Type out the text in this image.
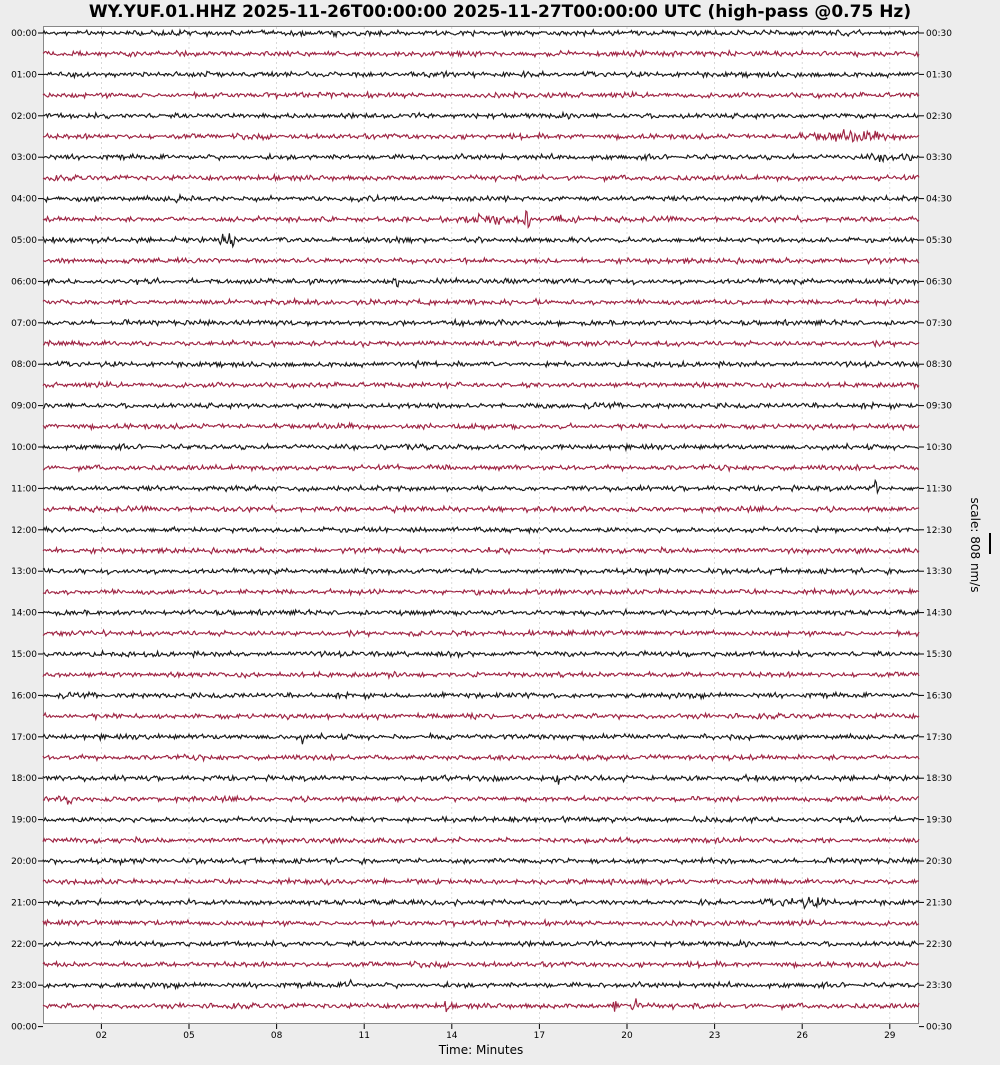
WY.YUF.01.HHZ 2025-11-26T00:00:00 2025-11-27T00:00:00 UTC (high-pass @0.75 Hz)
00:00
01:00
02:00
03:00
04:00
05:00
06:00
07:00
08:00
09:00
10:00
11:00
12:00
13:00
14:00
15:00
16:00
17:00
18:00
19:00
20:00
21:00
22:00
23:00
00:00
00:30
01:30
02:30
03:30
04:30
05:30
06:30
07:30
08:30
09:30
10:30
11:30
12:30
13:30
14:30
15:30
16:30
17:30
18:30
19:30
20:30
21:30
22:30
23:30
00:30
02	05	08	11	14	17	20	23	26	29
Time: Minutes
scale: 808 nm/s
